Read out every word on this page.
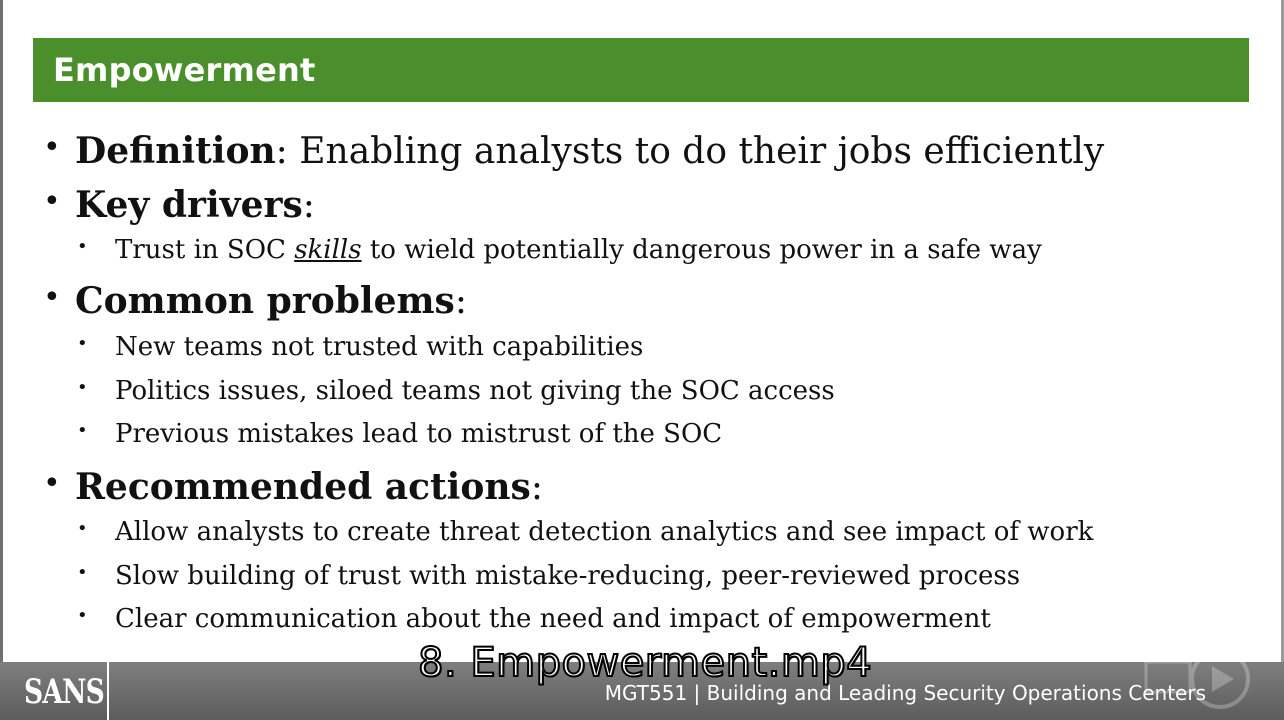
Empowerment
• Definition: Enabling analysts to do their jobs efficiently
• Key drivers:
• Trust in SOC skills to wield potentially dangerous power in a safe way
• Common problems:
• New teams not trusted with capabilities
• Politics issues, siloed teams not giving the SOC access
• Previous mistakes lead to mistrust of the SOC
• Recommended actions:
• Allow analysts to create threat detection analytics and see impact of work
• Slow building of trust with mistake-reducing, peer-reviewed process
• Clear communication about the need and impact of empowerment
SANS	MGT551 | Building and Leading Security Operations Centers
8. Empowerment.mp4
